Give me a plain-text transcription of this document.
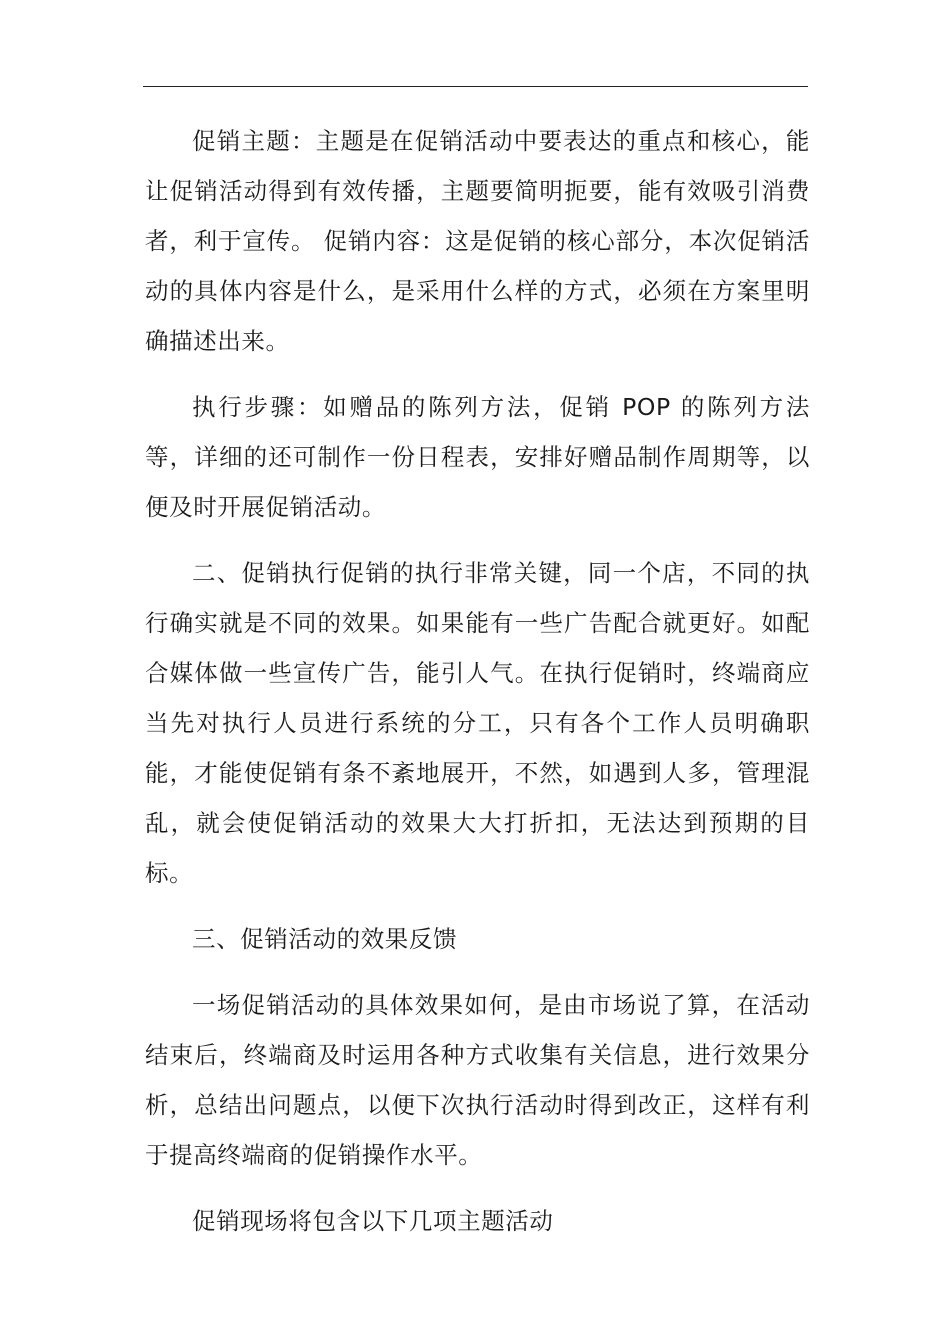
促销主题：主题是在促销活动中要表达的重点和核心，能让促销活动得到有效传播，主题要简明扼要，能有效吸引消费者，利于宣传。 促销内容：这是促销的核心部分，本次促销活动的具体内容是什么，是采用什么样的方式，必须在方案里明确描述出来。

执行步骤：如赠品的陈列方法，促销 POP 的陈列方法等，详细的还可制作一份日程表，安排好赠品制作周期等，以便及时开展促销活动。

二、促销执行促销的执行非常关键，同一个店，不同的执行确实就是不同的效果。如果能有一些广告配合就更好。如配合媒体做一些宣传广告，能引人气。在执行促销时，终端商应当先对执行人员进行系统的分工，只有各个工作人员明确职能，才能使促销有条不紊地展开，不然，如遇到人多，管理混乱，就会使促销活动的效果大大打折扣，无法达到预期的目标。

三、促销活动的效果反馈

一场促销活动的具体效果如何，是由市场说了算，在活动结束后，终端商及时运用各种方式收集有关信息，进行效果分析，总结出问题点，以便下次执行活动时得到改正，这样有利于提高终端商的促销操作水平。

促销现场将包含以下几项主题活动
